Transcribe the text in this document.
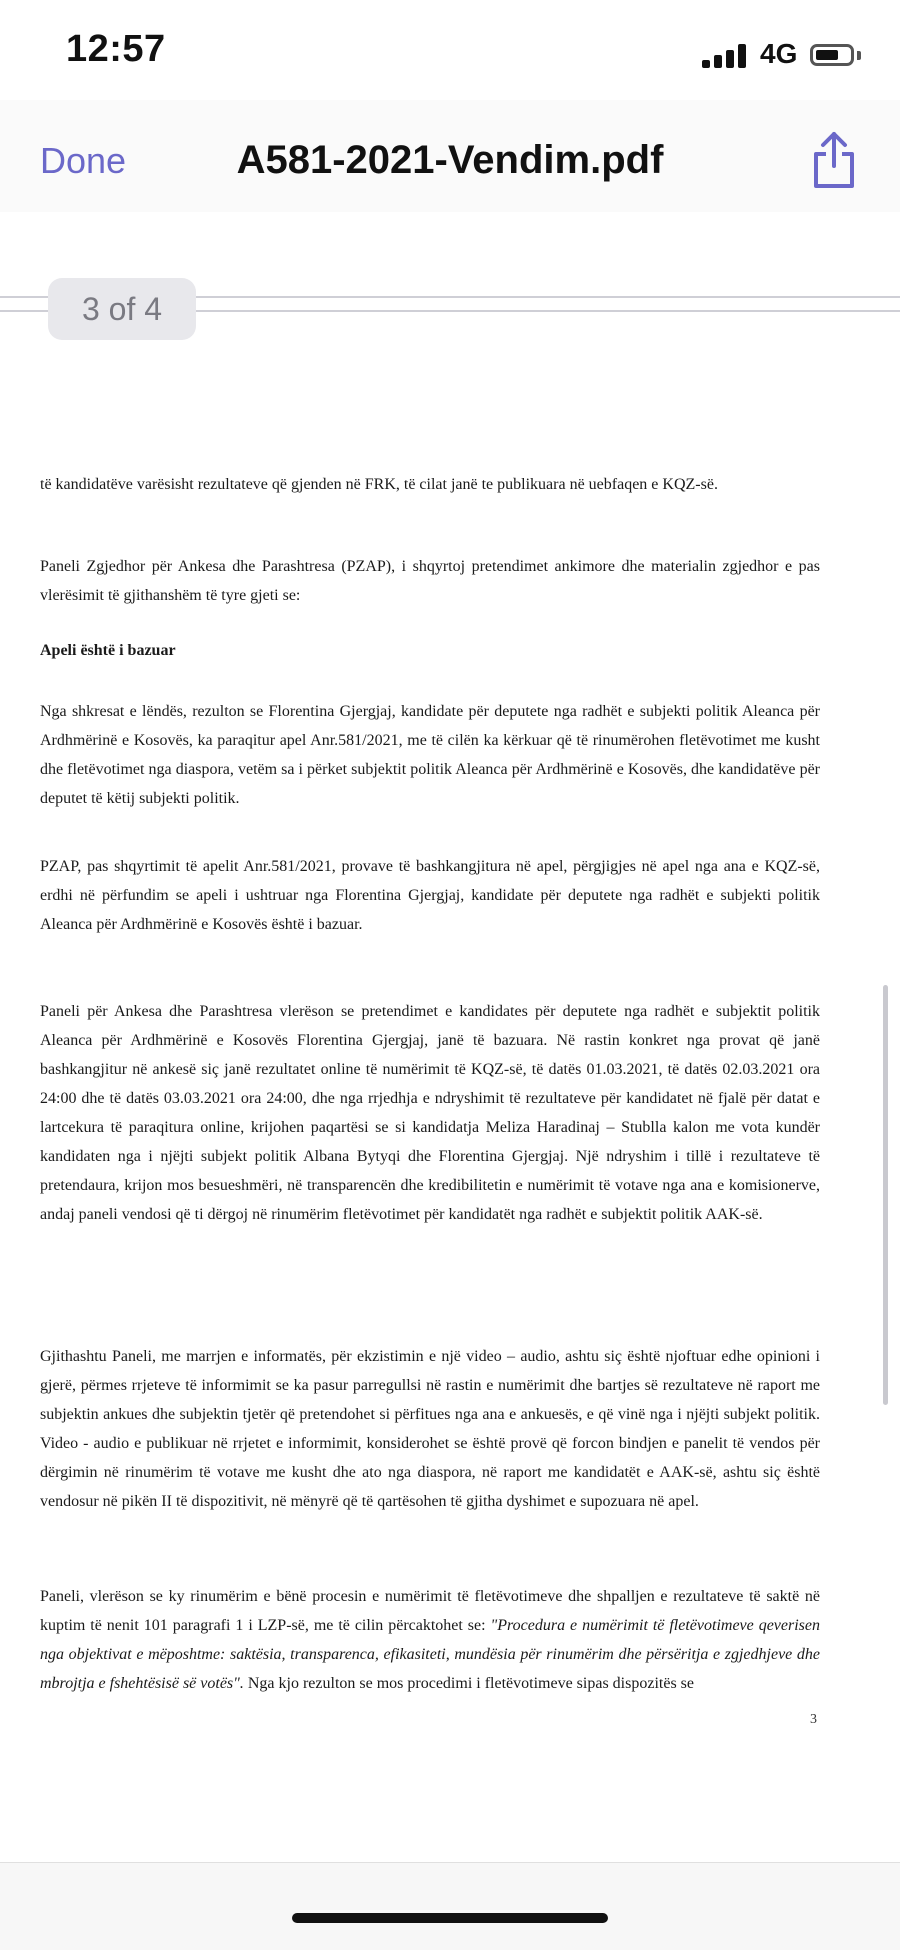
12:57	4G
Done	A581-2021-Vendim.pdf
3 of 4
të kandidatëve varësisht rezultateve që gjenden në FRK, të cilat janë te publikuara në uebfaqen e KQZ-së.
Paneli Zgjedhor për Ankesa dhe Parashtresa (PZAP), i shqyrtoj pretendimet ankimore dhe materialin zgjedhor e pas vlerësimit të gjithanshëm të tyre gjeti se:
Apeli është i bazuar
Nga shkresat e lëndës, rezulton se Florentina Gjergjaj, kandidate për deputete nga radhët e subjekti politik Aleanca për Ardhmërinë e Kosovës, ka paraqitur apel Anr.581/2021, me të cilën ka kërkuar që të rinumërohen fletëvotimet me kusht dhe fletëvotimet nga diaspora, vetëm sa i përket subjektit politik Aleanca për Ardhmërinë e Kosovës, dhe kandidatëve për deputet të këtij subjekti politik.
PZAP, pas shqyrtimit të apelit Anr.581/2021, provave të bashkangjitura në apel, përgjigjes në apel nga ana e KQZ-së, erdhi në përfundim se apeli i ushtruar nga Florentina Gjergjaj, kandidate për deputete nga radhët e subjekti politik Aleanca për Ardhmërinë e Kosovës është i bazuar.
Paneli për Ankesa dhe Parashtresa vlerëson se pretendimet e kandidates për deputete nga radhët e subjektit politik Aleanca për Ardhmërinë e Kosovës Florentina Gjergjaj, janë të bazuara. Në rastin konkret nga provat që janë bashkangjitur në ankesë siç janë rezultatet online të numërimit të KQZ-së, të datës 01.03.2021, të datës 02.03.2021 ora 24:00 dhe të datës 03.03.2021 ora 24:00, dhe nga rrjedhja e ndryshimit të rezultateve për kandidatet në fjalë për datat e lartcekura të paraqitura online, krijohen paqartësi se si kandidatja Meliza Haradinaj – Stublla kalon me vota kundër kandidaten nga i njëjti subjekt politik Albana Bytyqi dhe Florentina Gjergjaj. Një ndryshim i tillë i rezultateve të pretendaura, krijon mos besueshmëri, në transparencën dhe kredibilitetin e numërimit të votave nga ana e komisionerve, andaj paneli vendosi që ti dërgoj në rinumërim fletëvotimet për kandidatët nga radhët e subjektit politik AAK-së.
Gjithashtu Paneli, me marrjen e informatës, për ekzistimin e një video – audio, ashtu siç është njoftuar edhe opinioni i gjerë, përmes rrjeteve të informimit se ka pasur parregullsi në rastin e numërimit dhe bartjes së rezultateve në raport me subjektin ankues dhe subjektin tjetër që pretendohet si përfitues nga ana e ankuesës, e që vinë nga i njëjti subjekt politik. Video - audio e publikuar në rrjetet e informimit, konsiderohet se është provë që forcon bindjen e panelit të vendos për dërgimin në rinumërim të votave me kusht dhe ato nga diaspora, në raport me kandidatët e AAK-së, ashtu siç është vendosur në pikën II të dispozitivit, në mënyrë që të qartësohen të gjitha dyshimet e supozuara në apel.
Paneli, vlerëson se ky rinumërim e bënë procesin e numërimit të fletëvotimeve dhe shpalljen e rezultateve të saktë në kuptim të nenit 101 paragrafi 1 i LZP-së, me të cilin përcaktohet se: "Procedura e numërimit të fletëvotimeve qeverisen nga objektivat e mëposhtme: saktësia, transparenca, efikasiteti, mundësia për rinumërim dhe përsëritja e zgjedhjeve dhe mbrojtja e fshehtësisë së votës". Nga kjo rezulton se mos procedimi i fletëvotimeve sipas dispozitës se
3
